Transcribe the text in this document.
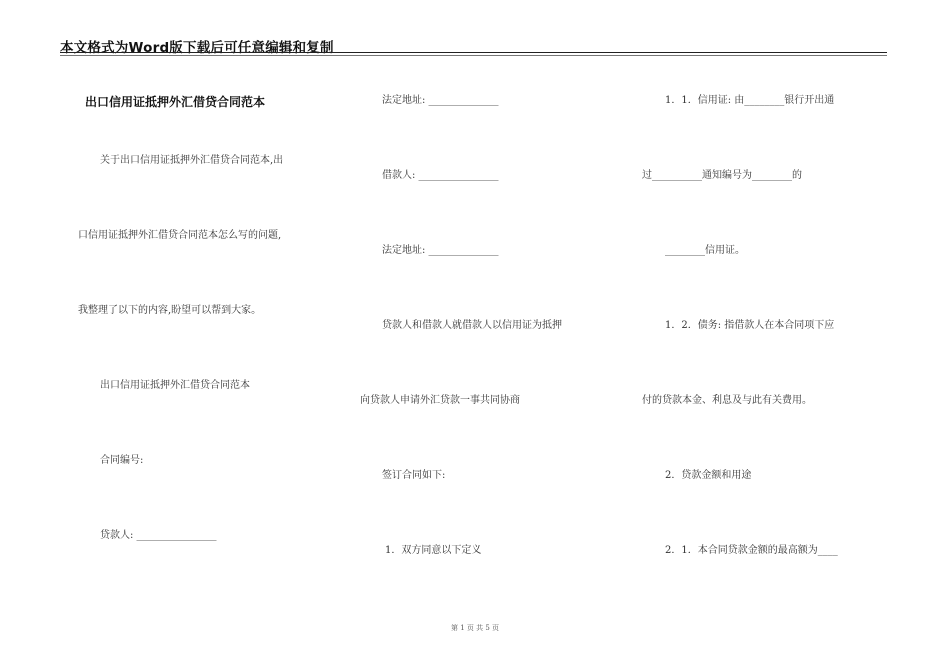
本文格式为Word版下载后可任意编辑和复制
出口信用证抵押外汇借贷合同范本
关于出口信用证抵押外汇借贷合同范本,出
口信用证抵押外汇借贷合同范本怎么写的问题,
我整理了以下的内容,盼望可以帮到大家。
出口信用证抵押外汇借贷合同范本
合同编号:
贷款人: ________________
法定地址: ______________
借款人: ________________
法定地址: ______________
贷款人和借款人就借款人以信用证为抵押
向贷款人申请外汇贷款一事共同协商
签订合同如下:
1．双方同意以下定义
1．1．信用证: 由________银行开出通
过__________通知编号为________的
________信用证。
1．2．债务: 指借款人在本合同项下应
付的贷款本金、利息及与此有关费用。
2．贷款金额和用途
2．1．本合同贷款金额的最高额为____
第 1 页 共 5 页
